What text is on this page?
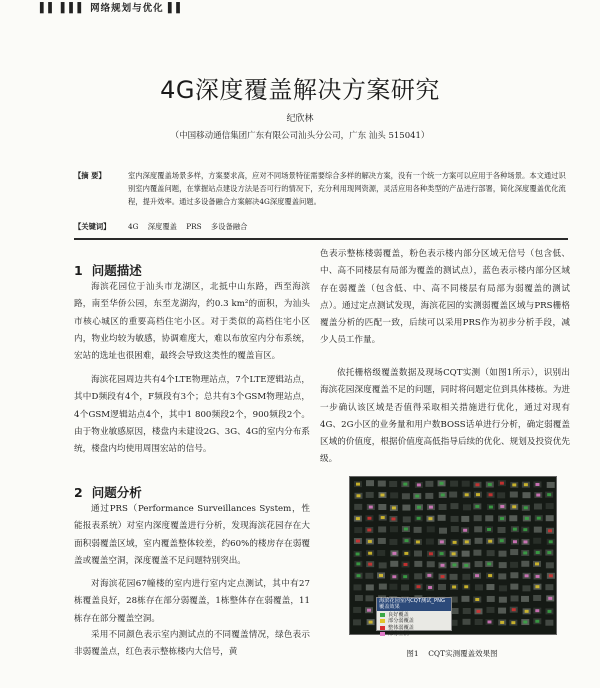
▌▌ ▌▌▌ 网络规划与优化 ▌▌
4G深度覆盖解决方案研究
纪欣林
（中国移动通信集团广东有限公司汕头分公司，广东 汕头 515041）
【摘 要】	室内深度覆盖场景多样，方案要求高，应对不同场景特征需要综合多样的解决方案，没有一个统一方案可以应用于各种场景。本文通过识别室内覆盖问题，在掌握站点建设方法是否可行的情况下，充分利用现网资源，灵活应用各种类型的产品进行部署，简化深度覆盖优化流程，提升效率。通过多设备融合方案解决4G深度覆盖问题。
【关键词】	4G    深度覆盖    PRS    多设备融合
1 问题描述
海滨花园位于汕头市龙湖区，北抵中山东路，西至海滨路，南至华侨公园，东至龙湖沟，约0.3 km²的面积，为汕头市核心城区的重要高档住宅小区。对于类似的高档住宅小区内，物业均较为敏感，协调难度大，难以布放室内分布系统，宏站的选址也很困难，最终会导致这类性的覆盖盲区。
海滨花园周边共有4个LTE物理站点，7个LTE逻辑站点，其中D频段有4个，F频段有3个；总共有3个GSM物理站点，4个GSM逻辑站点4个，其中1 800频段2个，900频段2个。由于物业敏感原因，楼盘内未建设2G、3G、4G的室内分布系统，楼盘内均使用周围宏站的信号。
2 问题分析
通过PRS（Performance Surveillances System，性能报表系统）对室内深度覆盖进行分析，发现海滨花园存在大面积弱覆盖区域，室内覆盖整体较差，约60%的楼房存在弱覆盖或覆盖空洞，深度覆盖不足问题特别突出。
对海滨花园67幢楼的室内进行室内定点测试，其中有27栋覆盖良好，28栋存在部分弱覆盖，1栋整体存在弱覆盖，11栋存在部分覆盖空洞。
采用不同颜色表示室内测试点的不同覆盖情况，绿色表示非弱覆盖点，红色表示整栋楼内大信号，黄
色表示整栋楼弱覆盖，粉色表示楼内部分区域无信号（包含低、中、高不同楼层有局部为覆盖的测试点），蓝色表示楼内部分区域存在弱覆盖（包含低、中、高不同楼层有局部为弱覆盖的测试点）。通过定点测试发现，海滨花园的实测弱覆盖区域与PRS栅格覆盖分析的匹配一致，后续可以采用PRS作为初步分析手段，减少人员工作量。
依托栅格级覆盖数据及现场CQT实测（如图1所示），识别出海滨花园深度覆盖不足的问题，同时将问题定位到具体楼栋。为进一步确认该区域是否值得采取相关措施进行优化，通过对现有4G、2G小区的业务量和用户数BOSS话单进行分析，确定弱覆盖区域的价值度，根据价值度高低指导后续的优化、规划及投资优先级。
海滨花园室内CQT测试_PNG覆盖效果
良好覆盖
部分弱覆盖
整体弱覆盖
部分空洞
图1    CQT实测覆盖效果图
